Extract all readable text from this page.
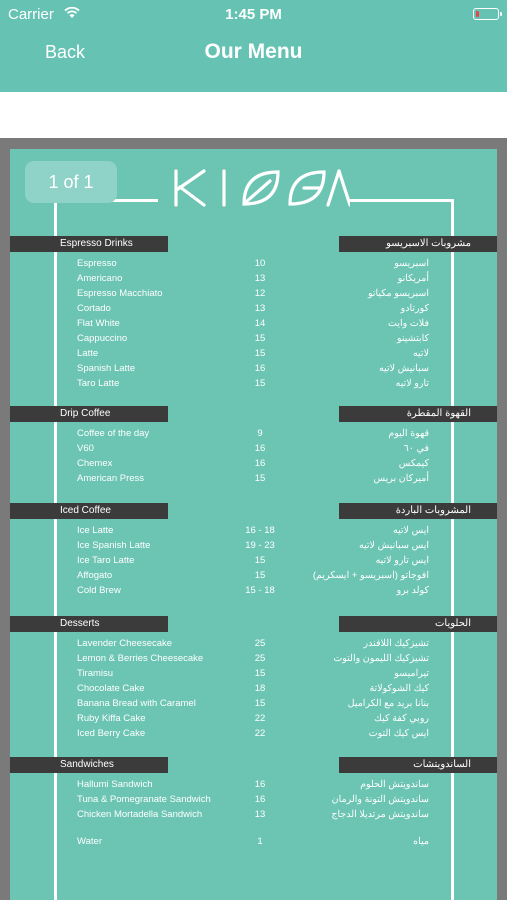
Carrier	1:45 PM
Back	Our Menu
1 of 1
Espresso Drinks	مشروبات الاسبريسو
Espresso	10	اسبريسو
Americano	13	أمريكانو
Espresso Macchiato	12	اسبريسو مكياتو
Cortado	13	كورتادو
Flat White	14	فلات وايت
Cappuccino	15	كابتشينو
Latte	15	لاتيه
Spanish Latte	16	سبانيش لاتيه
Taro Latte	15	تارو لاتيه
Drip Coffee	القهوة المقطرة
Coffee of the day	9	قهوة اليوم
V60	16	في ٦٠
Chemex	16	كيمكس
American Press	15	أميركان بريس
Iced Coffee	المشروبات الباردة
Ice Latte	16 - 18	ايس لاتيه
Ice Spanish Latte	19 - 23	ايس سبانيش لاتيه
Ice Taro Latte	15	ايس تارو لاتيه
Affogato	15	افوجاتو (اسبريسو + ايسكريم)
Cold Brew	15 - 18	كولد برو
Desserts	الحلويات
Lavender Cheesecake	25	تشيزكيك اللافندر
Lemon & Berries Cheesecake	25	تشيزكيك الليمون والتوت
Tiramisu	15	تيراميسو
Chocolate Cake	18	كيك الشوكولاتة
Banana Bread with Caramel	15	بنانا بريد مع الكراميل
Ruby Kiffa Cake	22	روبي كفة كيك
Iced Berry Cake	22	ايس كيك التوت
Sandwiches	الساندويتشات
Hallumi Sandwich	16	ساندويتش الحلوم
Tuna & Pomegranate Sandwich	16	ساندويتش التونة والرمان
Chicken Mortadella Sandwich	13	ساندويتش مرتديلا الدجاج
Water	1	مياه
